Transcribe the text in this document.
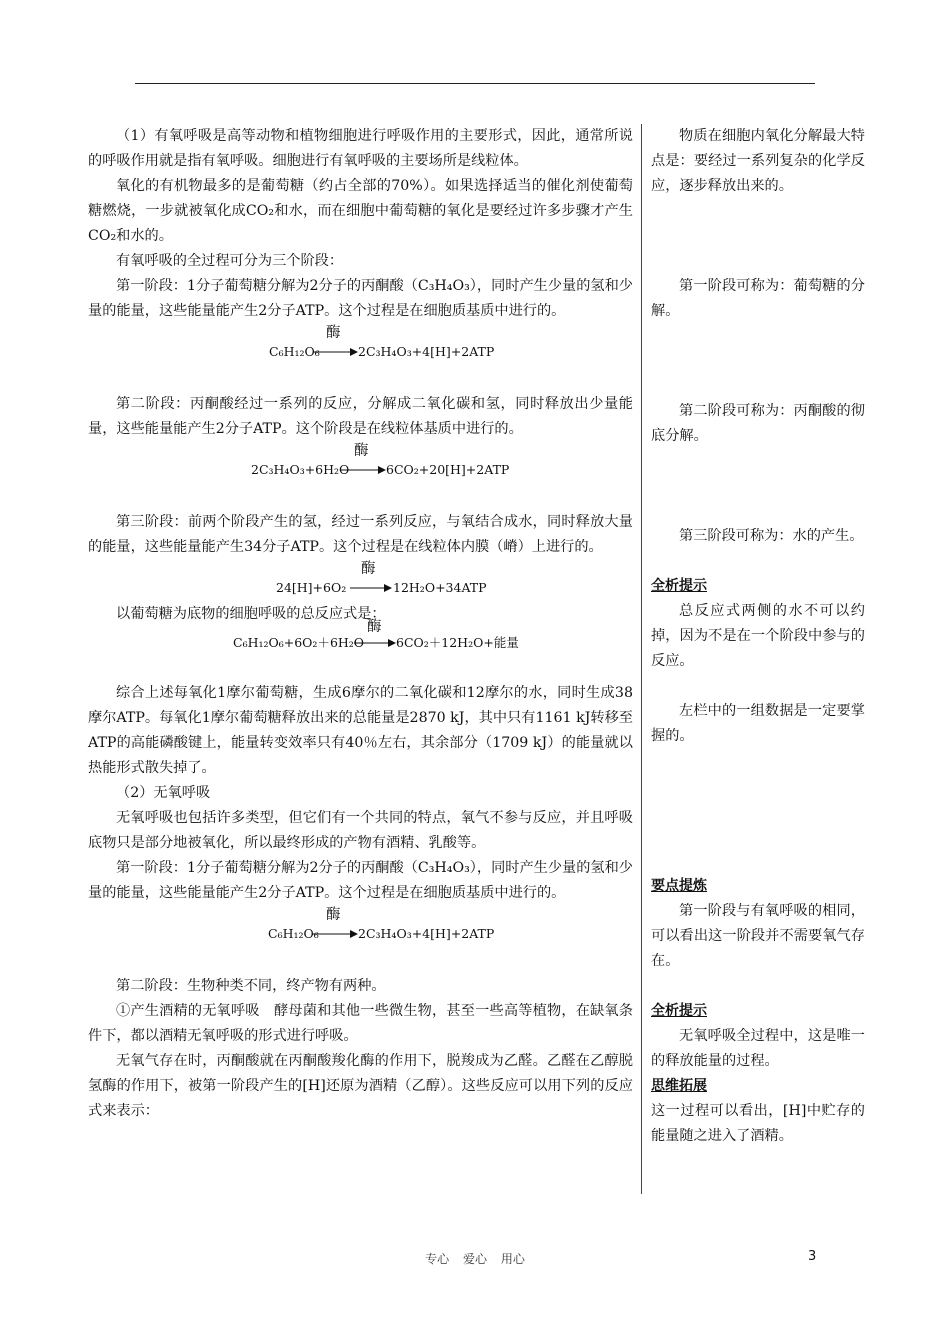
（1）有氧呼吸是高等动物和植物细胞进行呼吸作用的主要形式，因此，通常所说的呼吸作用就是指有氧呼吸。细胞进行有氧呼吸的主要场所是线粒体。

氧化的有机物最多的是葡萄糖（约占全部的70%）。如果选择适当的催化剂使葡萄糖燃烧，一步就被氧化成CO₂和水，而在细胞中葡萄糖的氧化是要经过许多步骤才产生CO₂和水的。

有氧呼吸的全过程可分为三个阶段：

第一阶段：1分子葡萄糖分解为2分子的丙酮酸（C₃H₄O₃），同时产生少量的氢和少量的能量，这些能量能产生2分子ATP。这个过程是在细胞质基质中进行的。

C₆H₁₂O₆
酶
→ 2C₃H₄O₃+4[H]+2ATP

第二阶段：丙酮酸经过一系列的反应，分解成二氧化碳和氢，同时释放出少量能量，这些能量能产生2分子ATP。这个阶段是在线粒体基质中进行的。

2C₃H₄O₃+6H₂O
酶
→ 6CO₂+20[H]+2ATP

第三阶段：前两个阶段产生的氢，经过一系列反应，与氧结合成水，同时释放大量的能量，这些能量能产生34分子ATP。这个过程是在线粒体内膜（嵴）上进行的。

24[H]+6O₂
酶
→ 12H₂O+34ATP

以葡萄糖为底物的细胞呼吸的总反应式是：

C₆H₁₂O₆+6O₂＋6H₂O
酶
→ 6CO₂＋12H₂O+能量

综合上述每氧化1摩尔葡萄糖，生成6摩尔的二氧化碳和12摩尔的水，同时生成38摩尔ATP。每氧化1摩尔葡萄糖释放出来的总能量是2870 kJ，其中只有1161 kJ转移至ATP的高能磷酸键上，能量转变效率只有40％左右，其余部分（1709 kJ）的能量就以热能形式散失掉了。

（2）无氧呼吸

无氧呼吸也包括许多类型，但它们有一个共同的特点，氧气不参与反应，并且呼吸底物只是部分地被氧化，所以最终形成的产物有酒精、乳酸等。

第一阶段：1分子葡萄糖分解为2分子的丙酮酸（C₃H₄O₃），同时产生少量的氢和少量的能量，这些能量能产生2分子ATP。这个过程是在细胞质基质中进行的。

C₆H₁₂O₆
酶
→ 2C₃H₄O₃+4[H]+2ATP

第二阶段：生物种类不同，终产物有两种。

①产生酒精的无氧呼吸　酵母菌和其他一些微生物，甚至一些高等植物，在缺氧条件下，都以酒精无氧呼吸的形式进行呼吸。

无氧气存在时，丙酮酸就在丙酮酸羧化酶的作用下，脱羧成为乙醛。乙醛在乙醇脱氢酶的作用下，被第一阶段产生的[H]还原为酒精（乙醇）。这些反应可以用下列的反应式来表示：

物质在细胞内氧化分解最大特点是：要经过一系列复杂的化学反应，逐步释放出来的。

第一阶段可称为：葡萄糖的分解。

第二阶段可称为：丙酮酸的彻底分解。

第三阶段可称为：水的产生。

全析提示

总反应式两侧的水不可以约掉，因为不是在一个阶段中参与的反应。

左栏中的一组数据是一定要掌握的。

要点提炼

第一阶段与有氧呼吸的相同，可以看出这一阶段并不需要氧气存在。

全析提示

无氧呼吸全过程中，这是唯一的释放能量的过程。

思维拓展

这一过程可以看出，[H]中贮存的能量随之进入了酒精。

专心 爱心 用心	3
